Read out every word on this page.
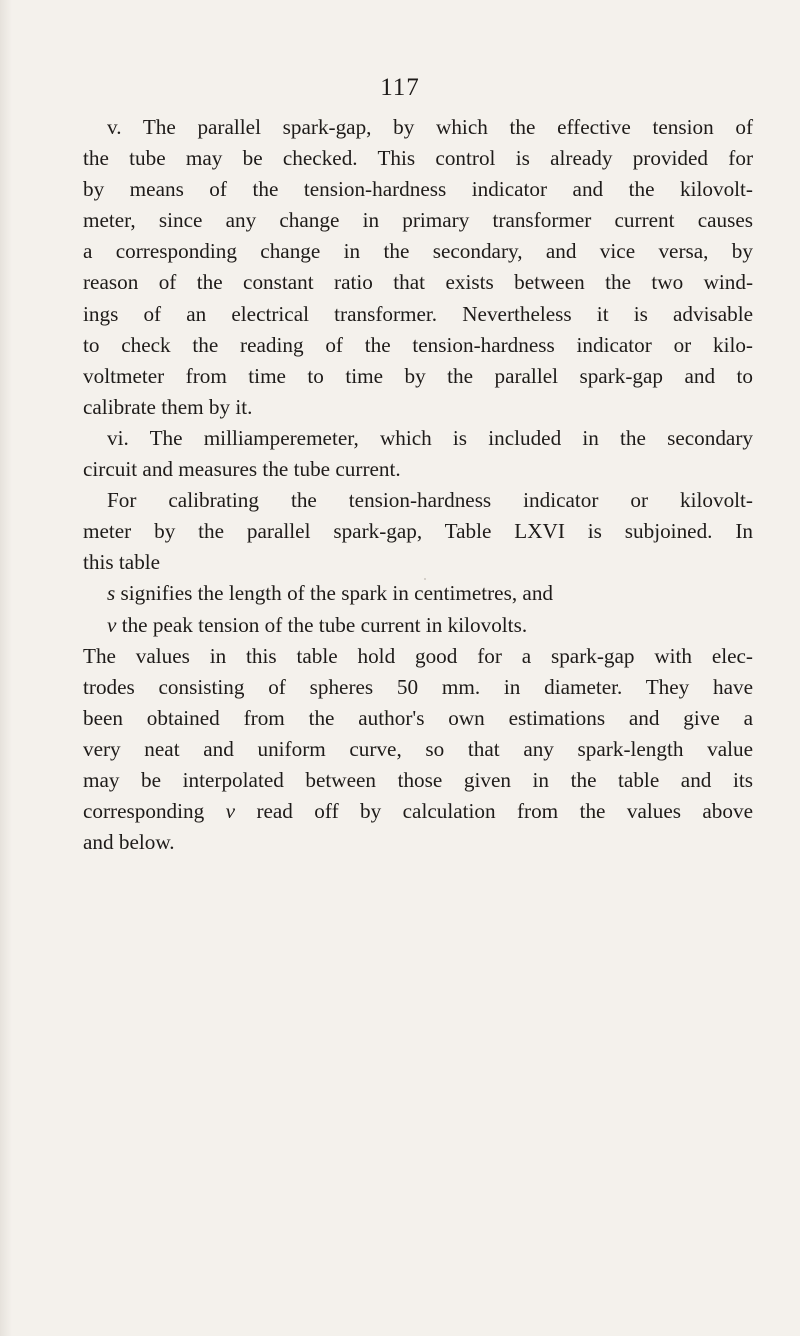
117
v. The parallel spark-gap, by which the effective tension of
the tube may be checked. This control is already provided for
by means of the tension-hardness indicator and the kilovolt-
meter, since any change in primary transformer current causes
a corresponding change in the secondary, and vice versa, by
reason of the constant ratio that exists between the two wind-
ings of an electrical transformer. Nevertheless it is advisable
to check the reading of the tension-hardness indicator or kilo-
voltmeter from time to time by the parallel spark-gap and to
calibrate them by it.
vi. The milliamperemeter, which is included in the secondary
circuit and measures the tube current.
For calibrating the tension-hardness indicator or kilovolt-
meter by the parallel spark-gap, Table LXVI is subjoined. In
this table
s signifies the length of the spark in centimetres, and
v the peak tension of the tube current in kilovolts.
The values in this table hold good for a spark-gap with elec-
trodes consisting of spheres 50 mm. in diameter. They have
been obtained from the author's own estimations and give a
very neat and uniform curve, so that any spark-length value
may be interpolated between those given in the table and its
corresponding v read off by calculation from the values above
and below.
